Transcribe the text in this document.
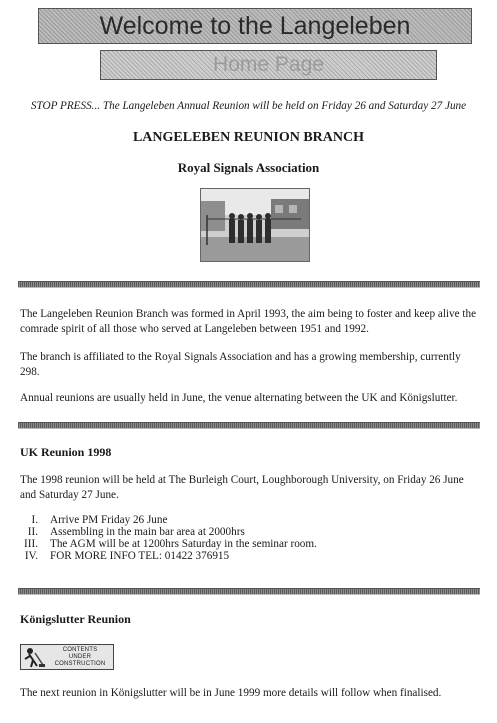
Welcome to the Langeleben
Home Page
STOP PRESS... The Langeleben Annual Reunion will be held on Friday 26 and Saturday 27 June
LANGELEBEN REUNION BRANCH
Royal Signals Association

The Langeleben Reunion Branch was formed in April 1993, the aim being to foster and keep alive the comrade spirit of all those who served at Langeleben between 1951 and 1992.

The branch is affiliated to the Royal Signals Association and has a growing membership, currently 298.

Annual reunions are usually held in June, the venue alternating between the UK and Königslutter.

UK Reunion 1998

The 1998 reunion will be held at The Burleigh Court, Loughborough University, on Friday 26 June and Saturday 27 June.

I. Arrive PM Friday 26 June
II. Assembling in the main bar area at 2000hrs
III. The AGM will be at 1200hrs Saturday in the seminar room.
IV. FOR MORE INFO TEL: 01422 376915
Königslutter Reunion
CONTENTS
UNDER
CONSTRUCTION

The next reunion in Königslutter will be in June 1999 more details will follow when finalised.
